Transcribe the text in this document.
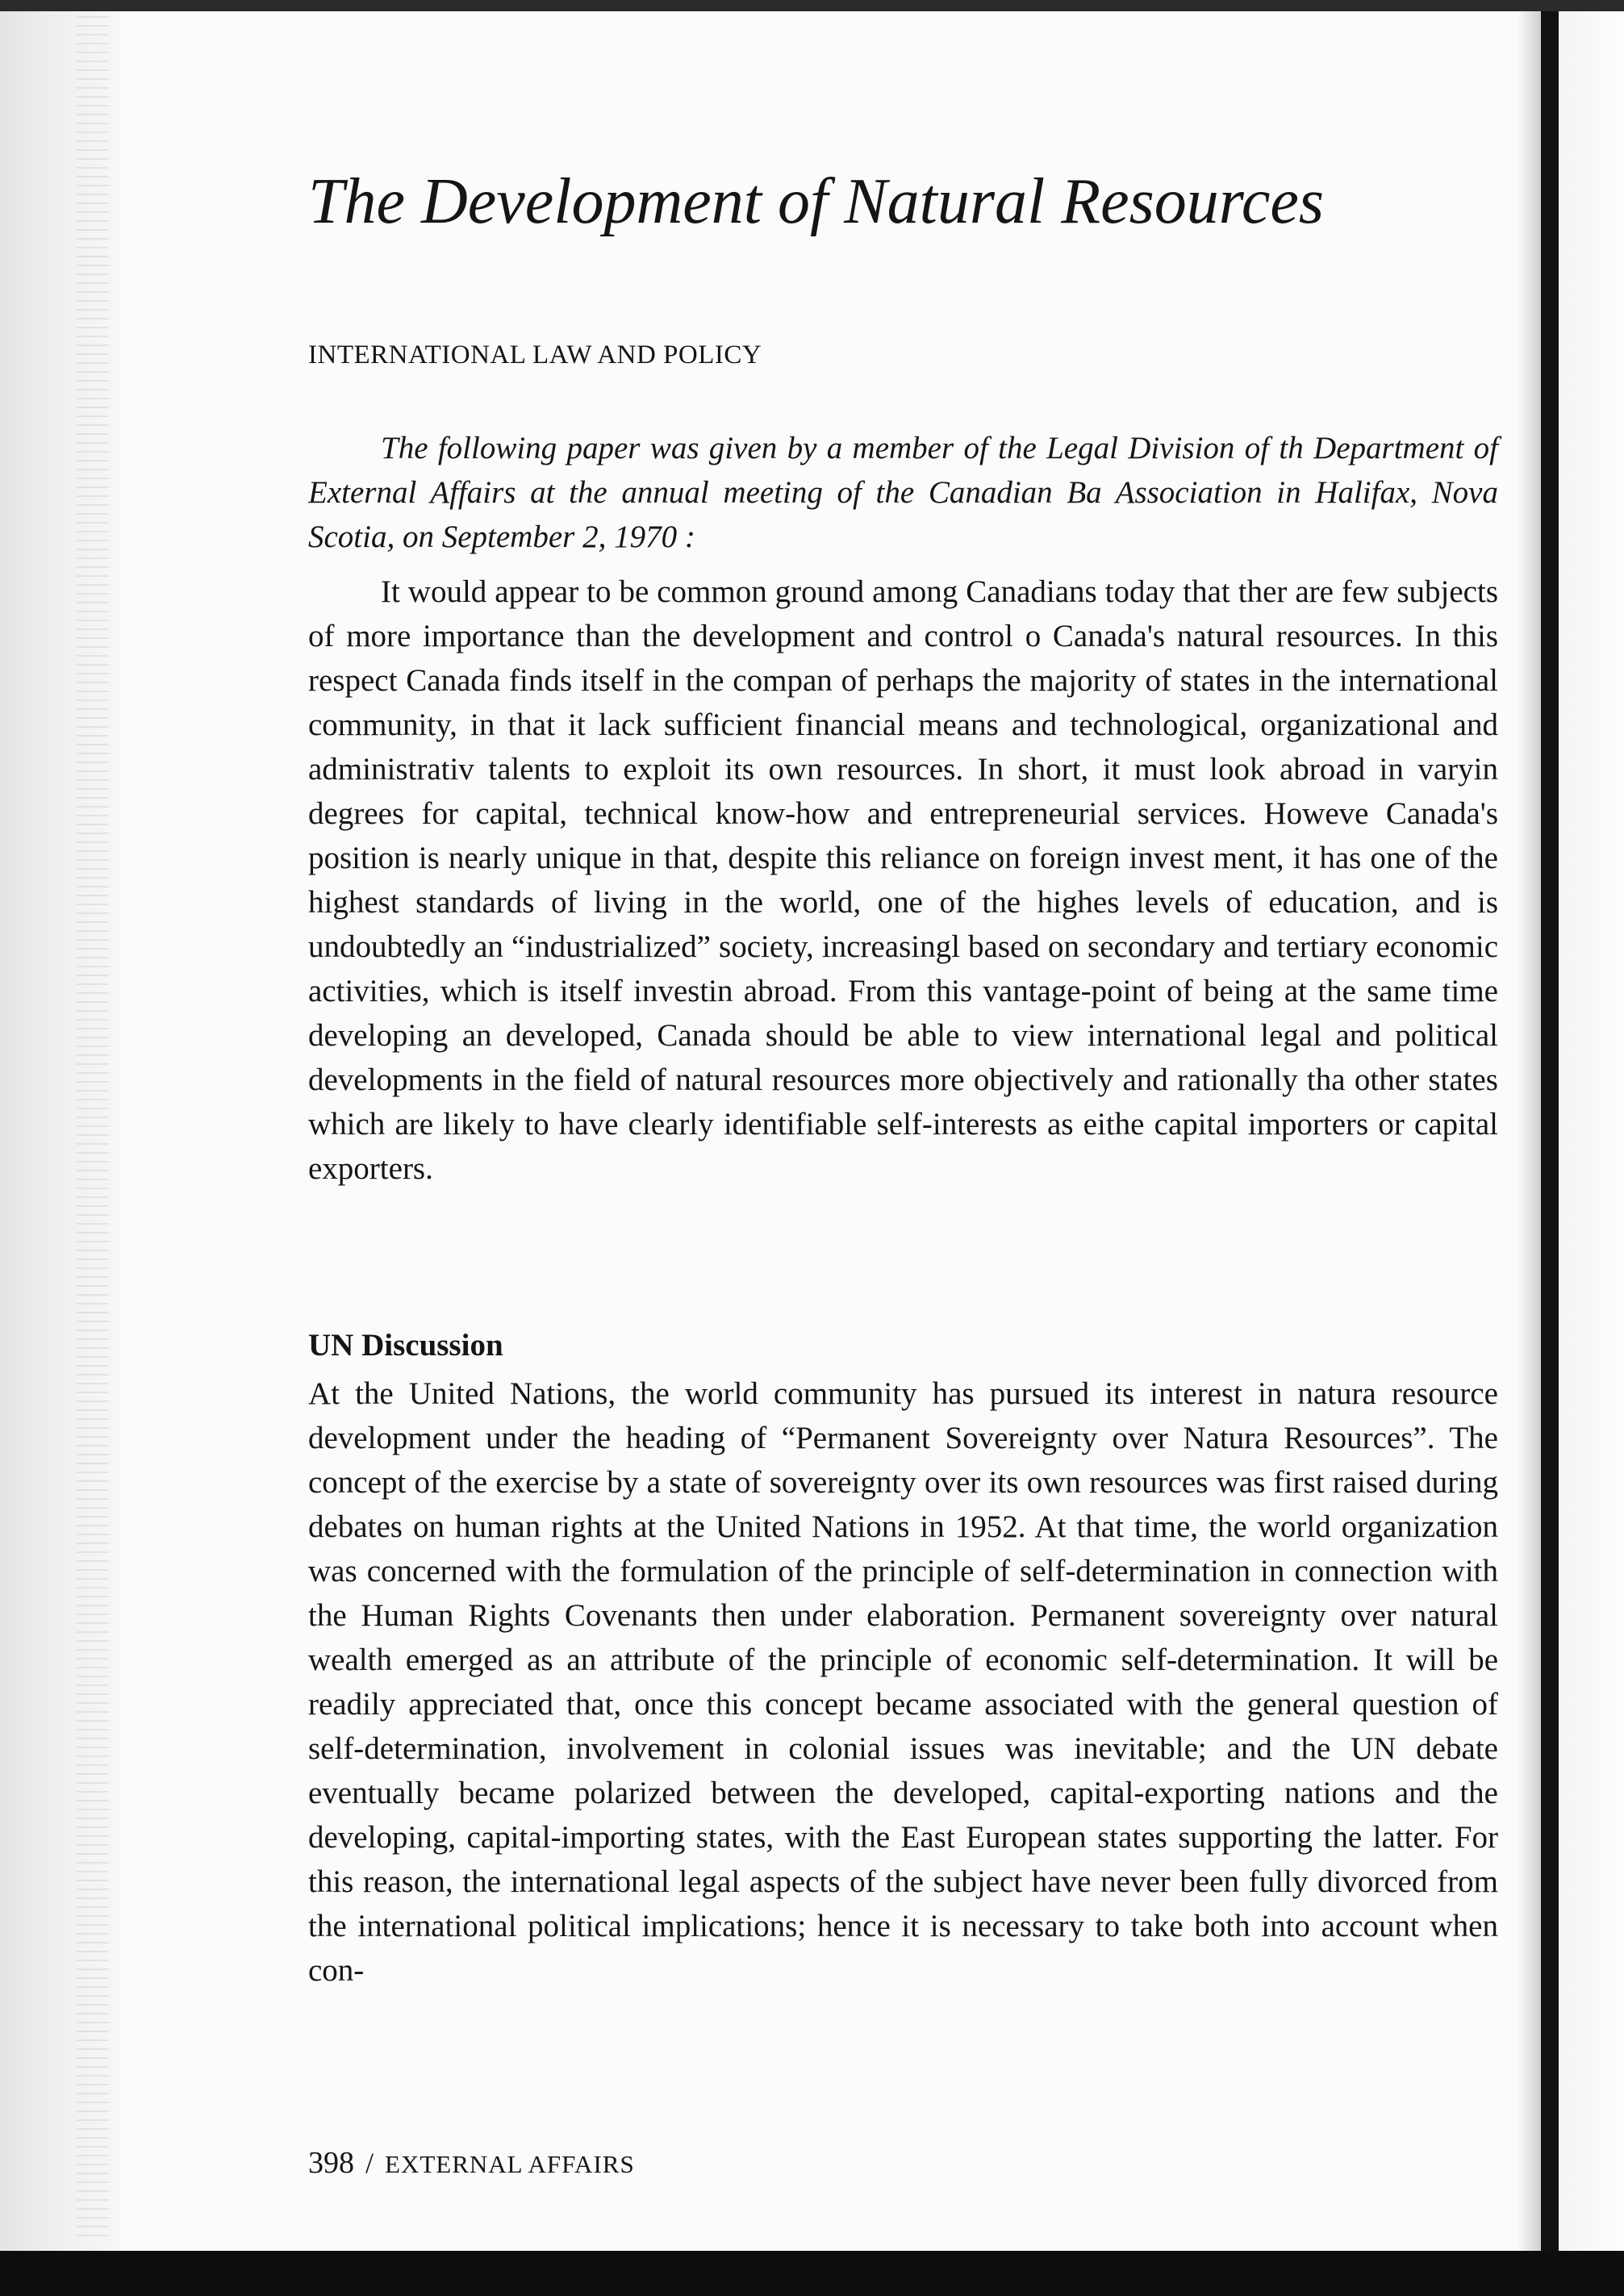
The Development of Natural Resources
INTERNATIONAL LAW AND POLICY

The following paper was given by a member of the Legal Division of th Department of External Affairs at the annual meeting of the Canadian Ba Association in Halifax, Nova Scotia, on September 2, 1970 :

It would appear to be common ground among Canadians today that ther are few subjects of more importance than the development and control o Canada's natural resources. In this respect Canada finds itself in the compan of perhaps the majority of states in the international community, in that it lack sufficient financial means and technological, organizational and administrativ talents to exploit its own resources. In short, it must look abroad in varyin degrees for capital, technical know-how and entrepreneurial services. Howeve Canada's position is nearly unique in that, despite this reliance on foreign invest ment, it has one of the highest standards of living in the world, one of the highes levels of education, and is undoubtedly an “industrialized” society, increasingl based on secondary and tertiary economic activities, which is itself investin abroad. From this vantage-point of being at the same time developing an developed, Canada should be able to view international legal and political developments in the field of natural resources more objectively and rationally tha other states which are likely to have clearly identifiable self-interests as eithe capital importers or capital exporters.

UN Discussion

At the United Nations, the world community has pursued its interest in natura resource development under the heading of “Permanent Sovereignty over Natura Resources”. The concept of the exercise by a state of sovereignty over its own resources was first raised during debates on human rights at the United Nations in 1952. At that time, the world organization was concerned with the formulation of the principle of self-determination in connection with the Human Rights Covenants then under elaboration. Permanent sovereignty over natural wealth emerged as an attribute of the principle of economic self-determination. It will be readily appreciated that, once this concept became associated with the general question of self-determination, involvement in colonial issues was inevitable; and the UN debate eventually became polarized between the developed, capital-exporting nations and the developing, capital-importing states, with the East European states supporting the latter. For this reason, the international legal aspects of the subject have never been fully divorced from the international political implications; hence it is necessary to take both into account when con-

398 / EXTERNAL AFFAIRS
